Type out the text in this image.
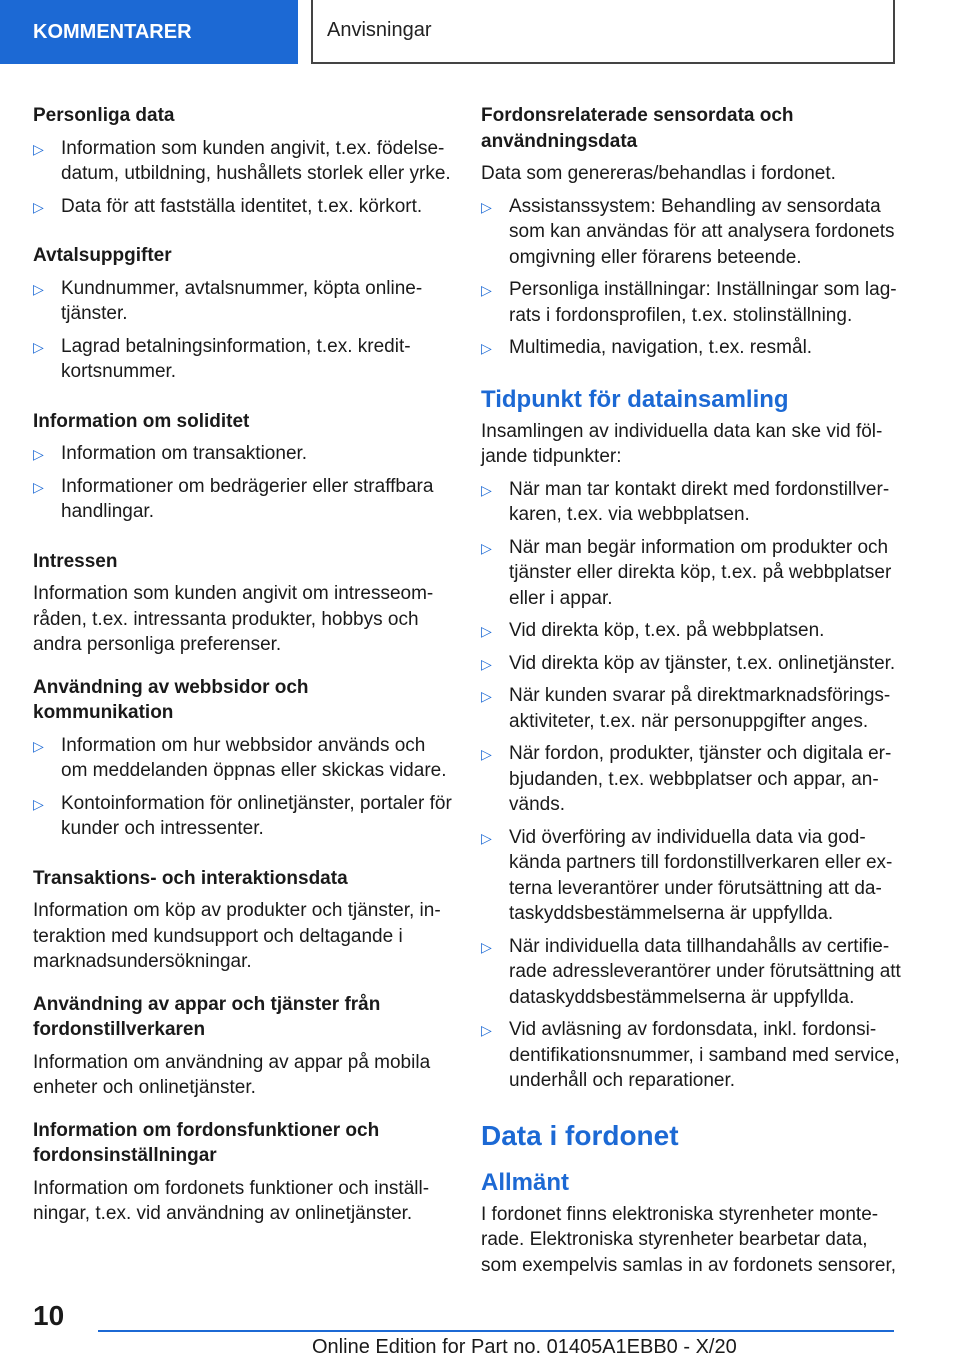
KOMMENTARER	Anvisningar

Personliga data

▷ Information som kunden angivit, t.ex. födelsedatum, utbildning, hushållets storlek eller yrke.
▷ Data för att fastställa identitet, t.ex. körkort.

Avtalsuppgifter

▷ Kundnummer, avtalsnummer, köpta onlinetjänster.
▷ Lagrad betalningsinformation, t.ex. kreditkortsnummer.

Information om soliditet

▷ Information om transaktioner.
▷ Informationer om bedrägerier eller straffbara handlingar.

Intressen

Information som kunden angivit om intresseområden, t.ex. intressanta produkter, hobbys och andra personliga preferenser.

Användning av webbsidor och kommunikation

▷ Information om hur webbsidor används och om meddelanden öppnas eller skickas vidare.
▷ Kontoinformation för onlinetjänster, portaler för kunder och intressenter.

Transaktions- och interaktionsdata

Information om köp av produkter och tjänster, interaktion med kundsupport och deltagande i marknadsundersökningar.

Användning av appar och tjänster från fordonstillverkaren

Information om användning av appar på mobila enheter och onlinetjänster.

Information om fordonsfunktioner och fordonsinställningar

Information om fordonets funktioner och inställningar, t.ex. vid användning av onlinetjänster.

Fordonsrelaterade sensordata och användningsdata

Data som genereras/behandlas i fordonet.

▷ Assistanssystem: Behandling av sensordata som kan användas för att analysera fordonets omgivning eller förarens beteende.
▷ Personliga inställningar: Inställningar som lagrats i fordonsprofilen, t.ex. stolinställning.
▷ Multimedia, navigation, t.ex. resmål.

Tidpunkt för datainsamling

Insamlingen av individuella data kan ske vid följande tidpunkter:

▷ När man tar kontakt direkt med fordonstillverkaren, t.ex. via webbplatsen.
▷ När man begär information om produkter och tjänster eller direkta köp, t.ex. på webbplatser eller i appar.
▷ Vid direkta köp, t.ex. på webbplatsen.
▷ Vid direkta köp av tjänster, t.ex. onlinetjänster.
▷ När kunden svarar på direktmarknadsföringsaktiviteter, t.ex. när personuppgifter anges.
▷ När fordon, produkter, tjänster och digitala erbjudanden, t.ex. webbplatser och appar, används.
▷ Vid överföring av individuella data via godkända partners till fordonstillverkaren eller externa leverantörer under förutsättning att dataskyddsbestämmelserna är uppfyllda.
▷ När individuella data tillhandahålls av certifierade adressleverantörer under förutsättning att dataskyddsbestämmelserna är uppfyllda.
▷ Vid avläsning av fordonsdata, inkl. fordonsidentifikationsnummer, i samband med service, underhåll och reparationer.

Data i fordonet

Allmänt

I fordonet finns elektroniska styrenheter monterade. Elektroniska styrenheter bearbetar data, som exempelvis samlas in av fordonets sensorer,

10
Online Edition for Part no. 01405A1EBB0 - X/20
